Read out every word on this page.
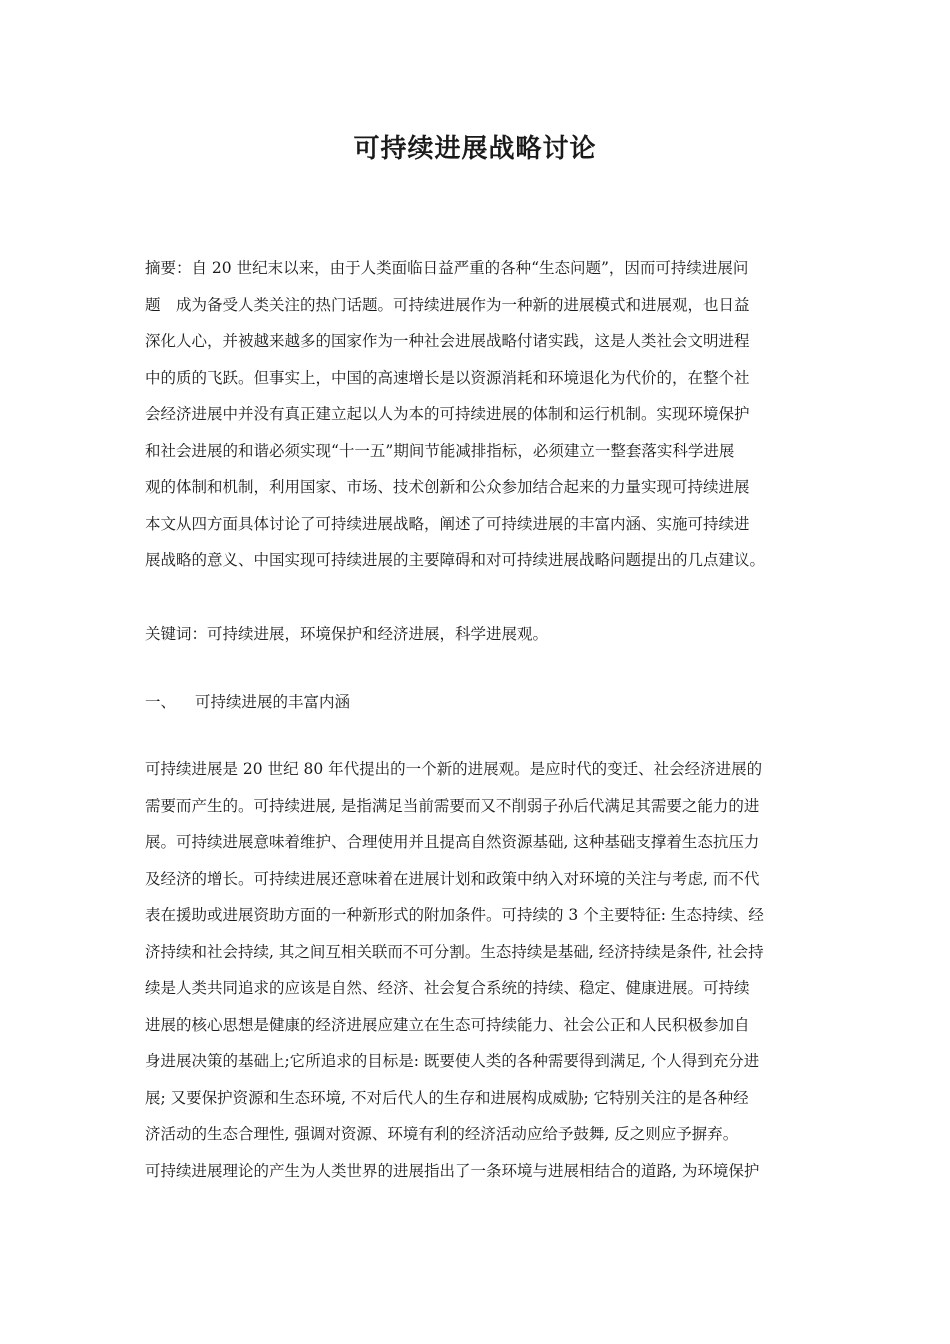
可持续进展战略讨论
摘要：自 20 世纪末以来，由于人类面临日益严重的各种“生态问题”，因而可持续进展问
题　成为备受人类关注的热门话题。可持续进展作为一种新的进展模式和进展观，也日益
深化人心，并被越来越多的国家作为一种社会进展战略付诸实践，这是人类社会文明进程
中的质的飞跃。但事实上，中国的高速增长是以资源消耗和环境退化为代价的，在整个社
会经济进展中并没有真正建立起以人为本的可持续进展的体制和运行机制。实现环境保护
和社会进展的和谐必须实现“十一五”期间节能减排指标，必须建立一整套落实科学进展
观的体制和机制，利用国家、市场、技术创新和公众参加结合起来的力量实现可持续进展
本文从四方面具体讨论了可持续进展战略，阐述了可持续进展的丰富内涵、实施可持续进
展战略的意义、中国实现可持续进展的主要障碍和对可持续进展战略问题提出的几点建议。
关键词：可持续进展，环境保护和经济进展，科学进展观。
一、 可持续进展的丰富内涵
可持续进展是 20 世纪 80 年代提出的一个新的进展观。是应时代的变迁、社会经济进展的
需要而产生的。可持续进展, 是指满足当前需要而又不削弱子孙后代满足其需要之能力的进
展。可持续进展意味着维护、合理使用并且提高自然资源基础, 这种基础支撑着生态抗压力
及经济的增长。可持续进展还意味着在进展计划和政策中纳入对环境的关注与考虑, 而不代
表在援助或进展资助方面的一种新形式的附加条件。可持续的 3 个主要特征: 生态持续、经
济持续和社会持续, 其之间互相关联而不可分割。生态持续是基础, 经济持续是条件, 社会持
续是人类共同追求的应该是自然、经济、社会复合系统的持续、稳定、健康进展。可持续
进展的核心思想是健康的经济进展应建立在生态可持续能力、社会公正和人民积极参加自
身进展决策的基础上;它所追求的目标是: 既要使人类的各种需要得到满足, 个人得到充分进
展; 又要保护资源和生态环境, 不对后代人的生存和进展构成威胁; 它特别关注的是各种经
济活动的生态合理性, 强调对资源、环境有利的经济活动应给予鼓舞, 反之则应予摒弃。
可持续进展理论的产生为人类世界的进展指出了一条环境与进展相结合的道路, 为环境保护
